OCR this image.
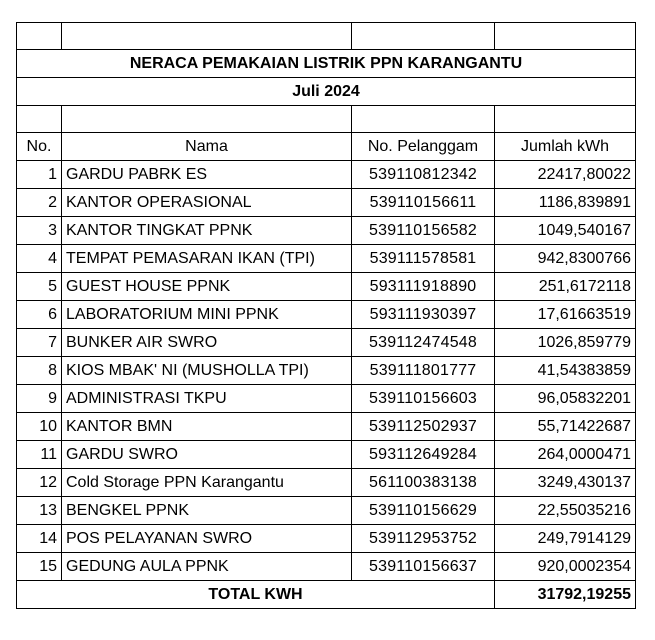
NERACA PEMAKAIAN LISTRIK PPN KARANGANTU			
Juli 2024			

No.	Nama	No. Pelanggam	Jumlah kWh
1	GARDU PABRK ES	539110812342	22417,80022
2	KANTOR OPERASIONAL	539110156611	1186,839891
3	KANTOR TINGKAT PPNK	539110156582	1049,540167
4	TEMPAT PEMASARAN IKAN (TPI)	539111578581	942,8300766
5	GUEST HOUSE PPNK	593111918890	251,6172118
6	LABORATORIUM MINI PPNK	593111930397	17,61663519
7	BUNKER AIR SWRO	539112474548	1026,859779
8	KIOS MBAK' NI (MUSHOLLA TPI)	539111801777	41,54383859
9	ADMINISTRASI TKPU	539110156603	96,05832201
10	KANTOR BMN	539112502937	55,71422687
11	GARDU SWRO	593112649284	264,0000471
12	Cold Storage PPN Karangantu	561100383138	3249,430137
13	BENGKEL PPNK	539110156629	22,55035216
14	POS PELAYANAN SWRO	539112953752	249,7914129
15	GEDUNG AULA PPNK	539110156637	920,0002354
TOTAL KWH			31792,19255
